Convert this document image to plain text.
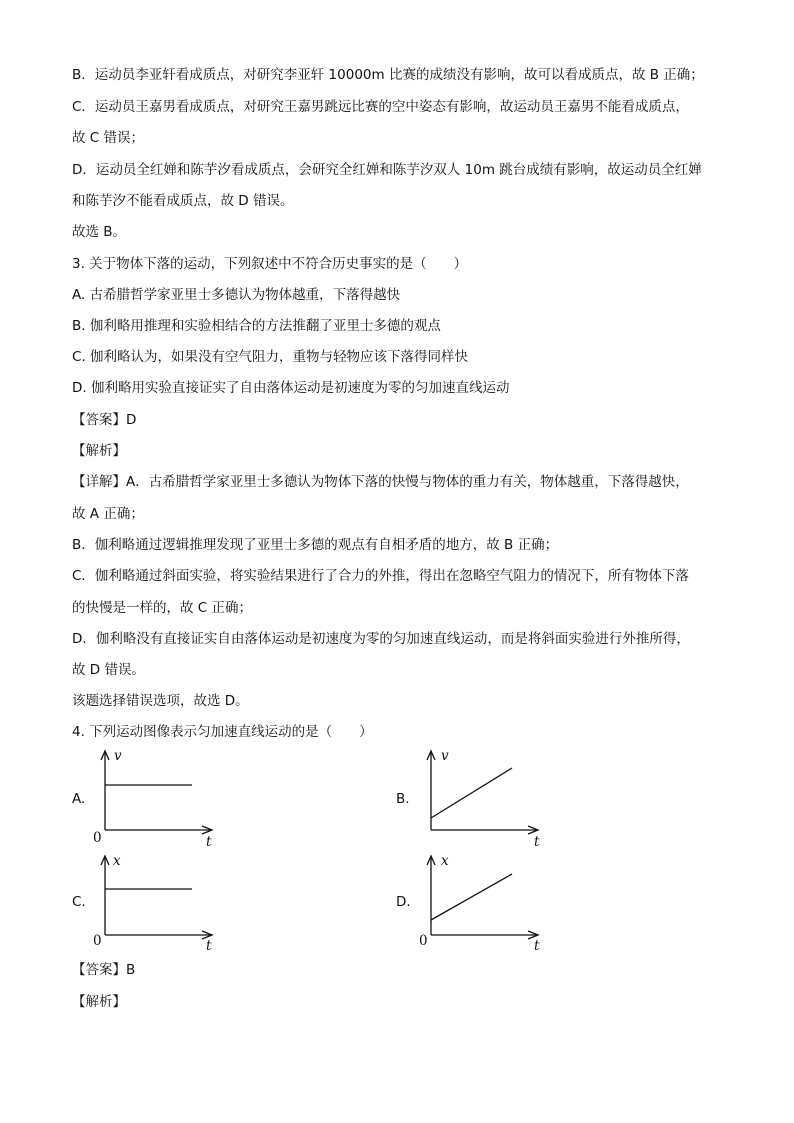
B．运动员李亚轩看成质点，对研究李亚轩 10000m 比赛的成绩没有影响，故可以看成质点，故 B 正确；
C．运动员王嘉男看成质点，对研究王嘉男跳远比赛的空中姿态有影响，故运动员王嘉男不能看成质点，
故 C 错误；
D．运动员全红婵和陈芋汐看成质点，会研究全红婵和陈芋汐双人 10m 跳台成绩有影响，故运动员全红婵
和陈芋汐不能看成质点，故 D 错误。
故选 B。
3. 关于物体下落的运动，下列叙述中不符合历史事实的是（　　）
A. 古希腊哲学家亚里士多德认为物体越重，下落得越快
B. 伽利略用推理和实验相结合的方法推翻了亚里士多德的观点
C. 伽利略认为，如果没有空气阻力，重物与轻物应该下落得同样快
D. 伽利略用实验直接证实了自由落体运动是初速度为零的匀加速直线运动
【答案】D
【解析】
【详解】A．古希腊哲学家亚里士多德认为物体下落的快慢与物体的重力有关，物体越重，下落得越快，
故 A 正确；
B．伽利略通过逻辑推理发现了亚里士多德的观点有自相矛盾的地方，故 B 正确；
C．伽利略通过斜面实验，将实验结果进行了合力的外推，得出在忽略空气阻力的情况下，所有物体下落
的快慢是一样的，故 C 正确；
D．伽利略没有直接证实自由落体运动是初速度为零的匀加速直线运动，而是将斜面实验进行外推所得，
故 D 错误。
该题选择错误选项，故选 D。
4. 下列运动图像表示匀加速直线运动的是（　　）
A.
v
t
0
B.
v
t
C.
x
t
0
D.
x
t
0
【答案】B
【解析】
